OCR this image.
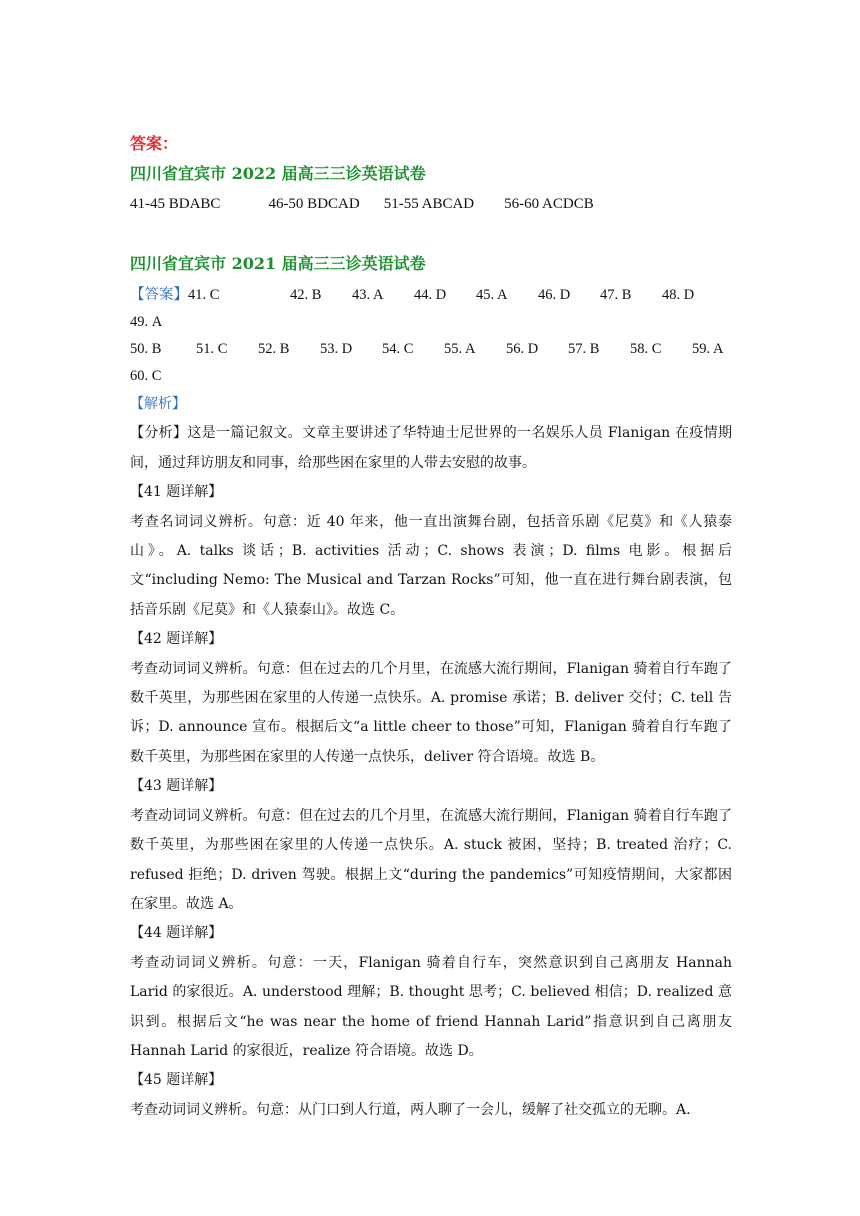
答案：

四川省宜宾市 2022 届高三三诊英语试卷

41-45 BDABC	46-50 BDCAD 51-55 ABCAD 56-60 ACDCB

四川省宜宾市 2021 届高三三诊英语试卷

【答案】41. C	42. B 43. A 44. D 45. A 46. D 47. B 48. D49. A
50. B 51. C 52. B 53. D 54. C 55. A 56. D 57. B 58. C 59. A
60. C

【解析】

【分析】这是一篇记叙文。文章主要讲述了华特迪士尼世界的一名娱乐人员 Flanigan 在疫情期间，通过拜访朋友和同事，给那些困在家里的人带去安慰的故事。

【41 题详解】

考查名词词义辨析。句意：近 40 年来，他一直出演舞台剧，包括音乐剧《尼莫》和《人猿泰山》。A. talks 谈话；B. activities 活动；C. shows 表演；D. films 电影。根据后文“including Nemo: The Musical and Tarzan Rocks”可知，他一直在进行舞台剧表演，包括音乐剧《尼莫》和《人猿泰山》。故选 C。

【42 题详解】

考查动词词义辨析。句意：但在过去的几个月里，在流感大流行期间，Flanigan 骑着自行车跑了数千英里，为那些困在家里的人传递一点快乐。A. promise 承诺；B. deliver 交付；C. tell 告诉；D. announce 宣布。根据后文“a little cheer to those”可知，Flanigan 骑着自行车跑了数千英里，为那些困在家里的人传递一点快乐，deliver 符合语境。故选 B。

【43 题详解】

考查动词词义辨析。句意：但在过去的几个月里，在流感大流行期间，Flanigan 骑着自行车跑了数千英里，为那些困在家里的人传递一点快乐。A. stuck 被困，坚持；B. treated 治疗；C. refused 拒绝；D. driven 驾驶。根据上文“during the pandemics”可知疫情期间，大家都困在家里。故选 A。

【44 题详解】

考查动词词义辨析。句意：一天，Flanigan 骑着自行车，突然意识到自己离朋友 Hannah Larid 的家很近。A. understood 理解；B. thought 思考；C. believed 相信；D. realized 意识到。根据后文“he was near the home of friend Hannah Larid”指意识到自己离朋友 Hannah Larid 的家很近，realize 符合语境。故选 D。

【45 题详解】

考查动词词义辨析。句意：从门口到人行道，两人聊了一会儿，缓解了社交孤立的无聊。A.
